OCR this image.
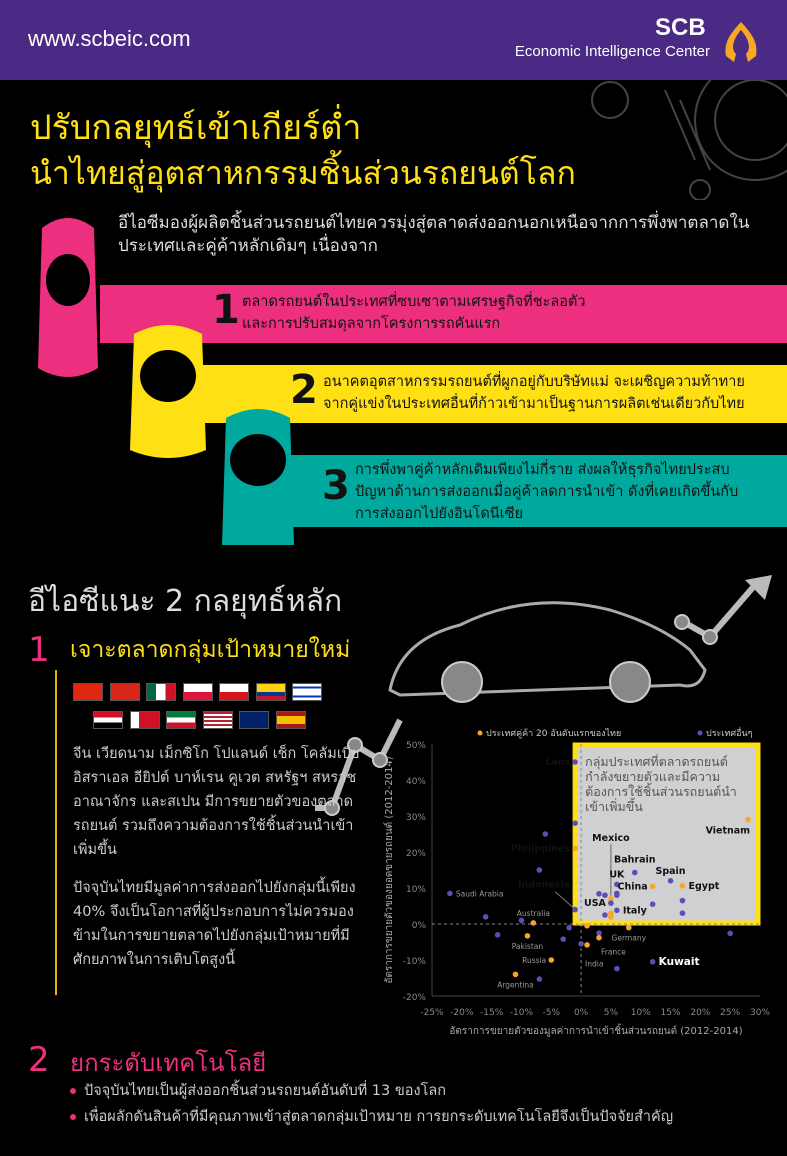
www.scbeic.com	SCB
Economic Intelligence Center
ปรับกลยุทธ์เข้าเกียร์ต่ำ
นำไทยสู่อุตสาหกรรมชิ้นส่วนรถยนต์โลก
อีไอซีมองผู้ผลิตชิ้นส่วนรถยนต์ไทยควรมุ่งสู่ตลาดส่งออกนอกเหนือจากการพึ่งพาตลาดในประเทศและคู่ค้าหลักเดิมๆ เนื่องจาก
1 ตลาดรถยนต์ในประเทศที่ซบเซาตามเศรษฐกิจที่ชะลอตัว
และการปรับสมดุลจากโครงการรถคันแรก
2 อนาคตอุตสาหกรรมรถยนต์ที่ผูกอยู่กับบริษัทแม่ จะเผชิญความท้าทาย
จากคู่แข่งในประเทศอื่นที่ก้าวเข้ามาเป็นฐานการผลิตเช่นเดียวกับไทย
3 การพึ่งพาคู่ค้าหลักเดิมเพียงไม่กี่ราย ส่งผลให้ธุรกิจไทยประสบ
ปัญหาด้านการส่งออกเมื่อคู่ค้าลดการนำเข้า ดังที่เคยเกิดขึ้นกับ
การส่งออกไปยังอินโดนีเซีย
อีไอซีแนะ 2 กลยุทธ์หลัก
1 เจาะตลาดกลุ่มเป้าหมายใหม่
จีน เวียดนาม เม็กซิโก โปแลนด์ เช็ก โคลัมเบีย อิสราเอล อียิปต์ บาห์เรน คูเวต สหรัฐฯ สหราชอาณาจักร และสเปน มีการขยายตัวของตลาดรถยนต์ รวมถึงความต้องการใช้ชิ้นส่วนนำเข้าเพิ่มขึ้น
ปัจจุบันไทยมีมูลค่าการส่งออกไปยังกลุ่มนี้เพียง 40% จึงเป็นโอกาสที่ผู้ประกอบการไม่ควรมองข้ามในการขยายตลาดไปยังกลุ่มเป้าหมายที่มีศักยภาพในการเติบโตสูงนี้
กลุ่มประเทศที่ตลาดรถยนต์กำลังขยายตัวและมีความต้องการใช้ชิ้นส่วนรถยนต์นำเข้าเพิ่มขึ้น
50%
40%
30%
20%
10%
0%
-10%
-20%
-25% -20% -15% -10% -5% 0% 5% 10% 15% 20% 25% 30%
อัตราการขยายตัวของมูลค่าการนำเข้าชิ้นส่วนรถยนต์ (2012-2014)
อัตราการขยายตัวของยอดขายรถยนต์ (2012-2014)
ประเทศคู่ค้า 20 อันดับแรกของไทย	ประเทศอื่นๆ
Laos
Philippines
Saudi Arabia
Indonesia
Australia
Pakistan
India
France
Germany
Russia
Argentina
Kuwait
Vietnam
Mexico
USA
UK
Bahrain
Spain
Egypt
China
Italy
2 ยกระดับเทคโนโลยี
ปัจจุบันไทยเป็นผู้ส่งออกชิ้นส่วนรถยนต์อันดับที่ 13 ของโลก
เพื่อผลักดันสินค้าที่มีคุณภาพเข้าสู่ตลาดกลุ่มเป้าหมาย การยกระดับเทคโนโลยีจึงเป็นปัจจัยสำคัญ
